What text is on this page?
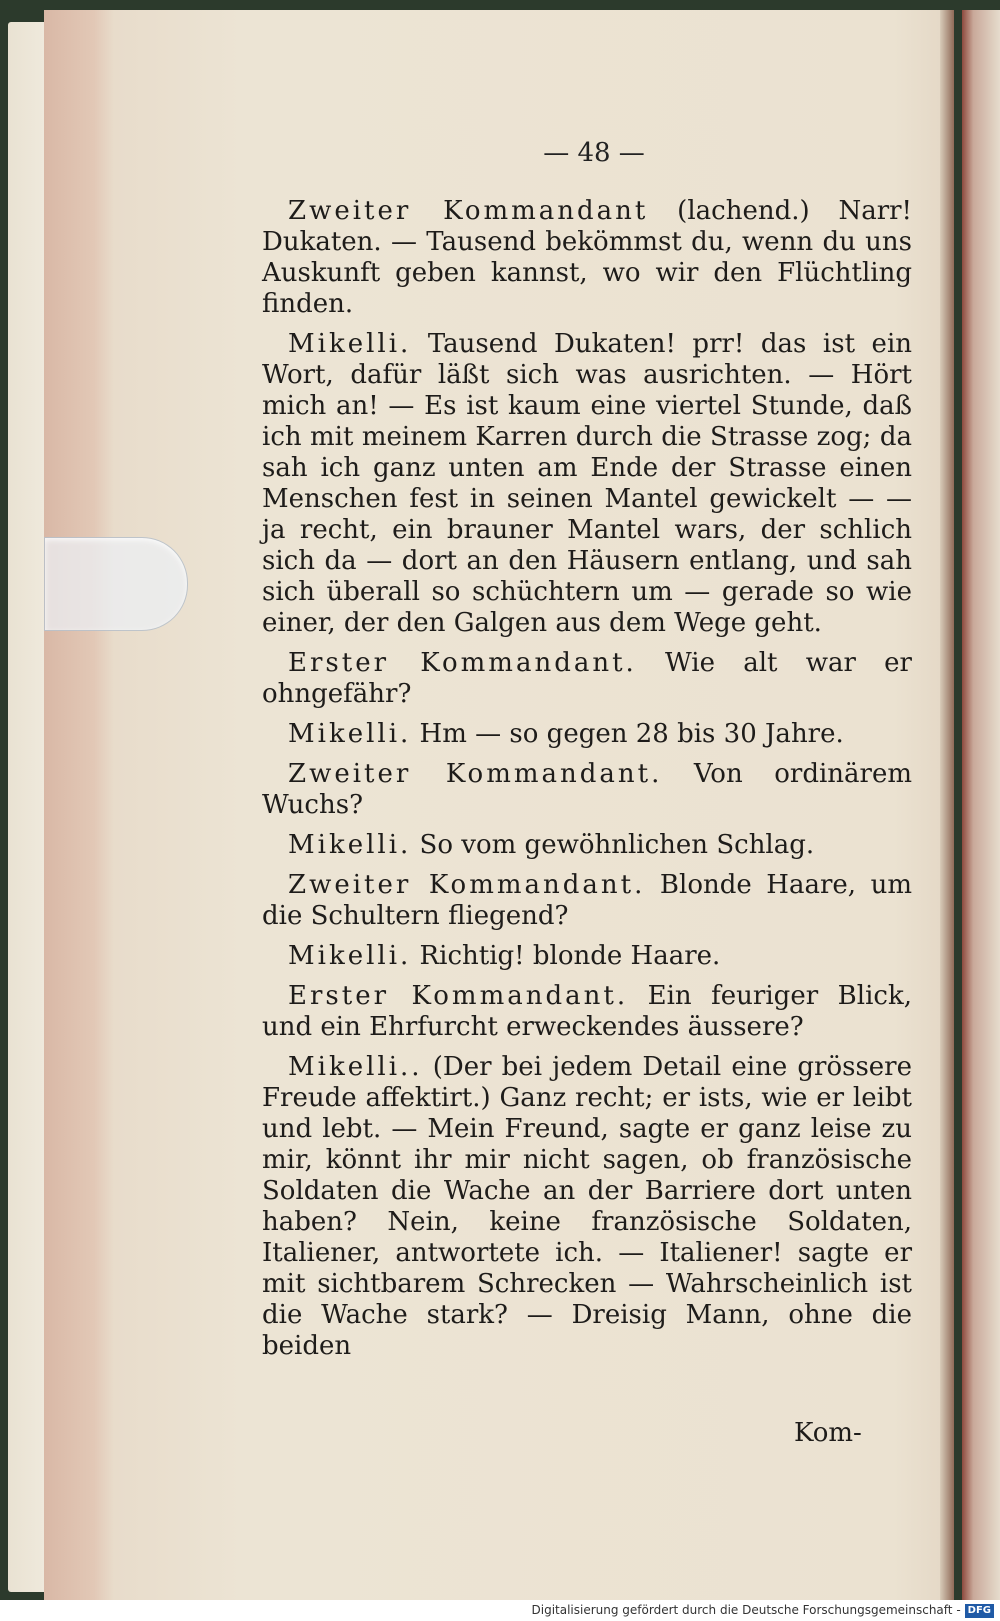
— 48 —

Zweiter Kommandant (lachend.) Narr! Dukaten. — Tausend bekömmst du, wenn du uns Auskunft geben kannst, wo wir den Flüchtling finden.

Mikelli. Tausend Dukaten! prr! das ist ein Wort, dafür läßt sich was ausrichten. — Hört mich an! — Es ist kaum eine viertel Stunde, daß ich mit meinem Karren durch die Strasse zog; da sah ich ganz unten am Ende der Strasse einen Menschen fest in seinen Mantel gewickelt — — ja recht, ein brauner Mantel wars, der schlich sich da — dort an den Häusern entlang, und sah sich überall so schüchtern um — gerade so wie einer, der den Galgen aus dem Wege geht.

Erster Kommandant. Wie alt war er ohngefähr?

Mikelli. Hm — so gegen 28 bis 30 Jahre.

Zweiter Kommandant. Von ordinärem Wuchs?

Mikelli. So vom gewöhnlichen Schlag.

Zweiter Kommandant. Blonde Haare, um die Schultern fliegend?

Mikelli. Richtig! blonde Haare.

Erster Kommandant. Ein feuriger Blick, und ein Ehrfurcht erweckendes äussere?

Mikelli.. (Der bei jedem Detail eine grössere Freude affektirt.) Ganz recht; er ists, wie er leibt und lebt. — Mein Freund, sagte er ganz leise zu mir, könnt ihr mir nicht sagen, ob französische Soldaten die Wache an der Barriere dort unten haben? Nein, keine französische Soldaten, Italiener, antwortete ich. — Italiener! sagte er mit sichtbarem Schrecken — Wahrscheinlich ist die Wache stark? — Dreisig Mann, ohne die beiden

Kom-
Digitalisierung gefördert durch die Deutsche Forschungsgemeinschaft - DFG
